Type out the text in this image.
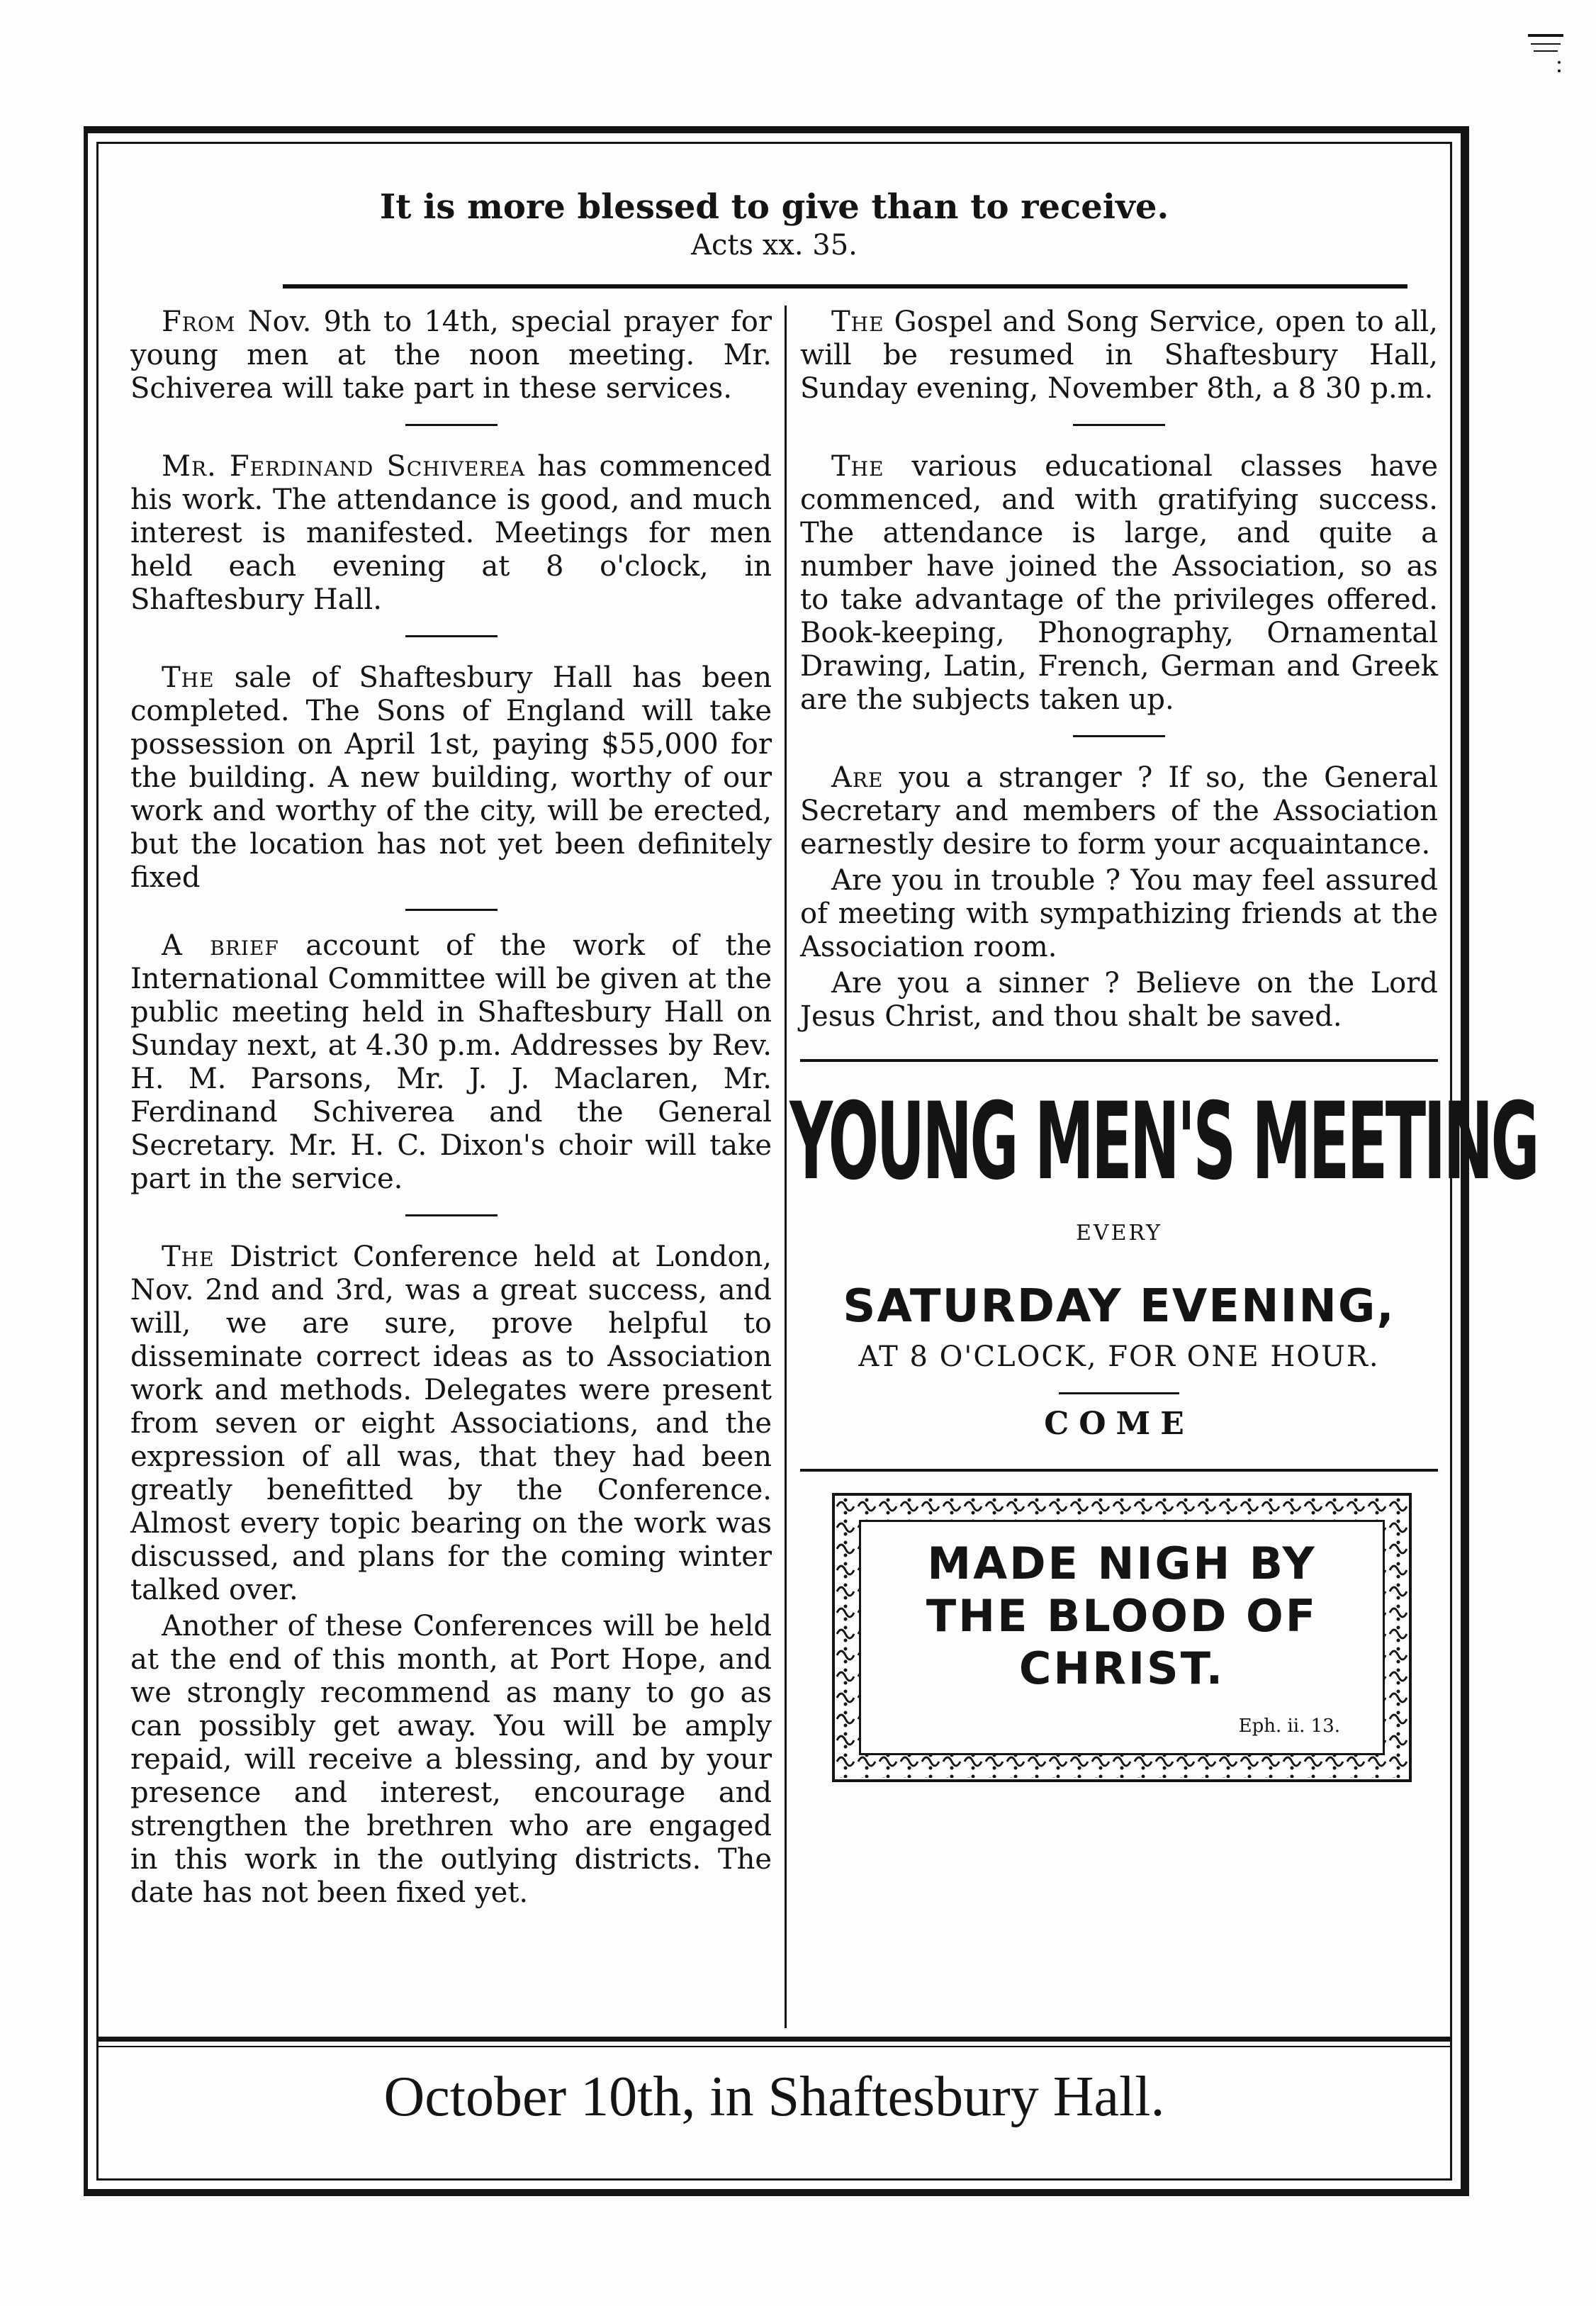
It is more blessed to give than to receive.
Acts xx. 35.

From Nov. 9th to 14th, special prayer for young men at the noon meeting. Mr. Schiverea will take part in these services.

Mr. Ferdinand Schiverea has commenced his work. The attendance is good, and much interest is manifested. Meetings for men held each evening at 8 o'clock, in Shaftesbury Hall.

The sale of Shaftesbury Hall has been completed. The Sons of England will take possession on April 1st, paying $55,000 for the building. A new building, worthy of our work and worthy of the city, will be erected, but the location has not yet been definitely fixed

A brief account of the work of the International Committee will be given at the public meeting held in Shaftesbury Hall on Sunday next, at 4.30 p.m. Addresses by Rev. H. M. Parsons, Mr. J. J. Maclaren, Mr. Ferdinand Schiverea and the General Secretary. Mr. H. C. Dixon's choir will take part in the service.

The District Conference held at London, Nov. 2nd and 3rd, was a great success, and will, we are sure, prove helpful to disseminate correct ideas as to Association work and methods. Delegates were present from seven or eight Associations, and the expression of all was, that they had been greatly benefitted by the Conference. Almost every topic bearing on the work was discussed, and plans for the coming winter talked over.

Another of these Conferences will be held at the end of this month, at Port Hope, and we strongly recommend as many to go as can possibly get away. You will be amply repaid, will receive a blessing, and by your presence and interest, encourage and strengthen the brethren who are engaged in this work in the outlying districts. The date has not been fixed yet.

The Gospel and Song Service, open to all, will be resumed in Shaftesbury Hall, Sunday evening, November 8th, a 8 30 p.m.

The various educational classes have commenced, and with gratifying success. The attendance is large, and quite a number have joined the Association, so as to take advantage of the privileges offered. Book-keeping, Phonography, Ornamental Drawing, Latin, French, German and Greek are the subjects taken up.

Are you a stranger ? If so, the General Secretary and members of the Association earnestly desire to form your acquaintance.

Are you in trouble ? You may feel assured of meeting with sympathizing friends at the Association room.

Are you a sinner ? Believe on the Lord Jesus Christ, and thou shalt be saved.

YOUNG MEN'S MEETING
EVERY
SATURDAY EVENING,
AT 8 O'CLOCK, FOR ONE HOUR.
COME
MADE NIGH BY
THE BLOOD OF
CHRIST.
Eph. ii. 13.
October 10th, in Shaftesbury Hall.
